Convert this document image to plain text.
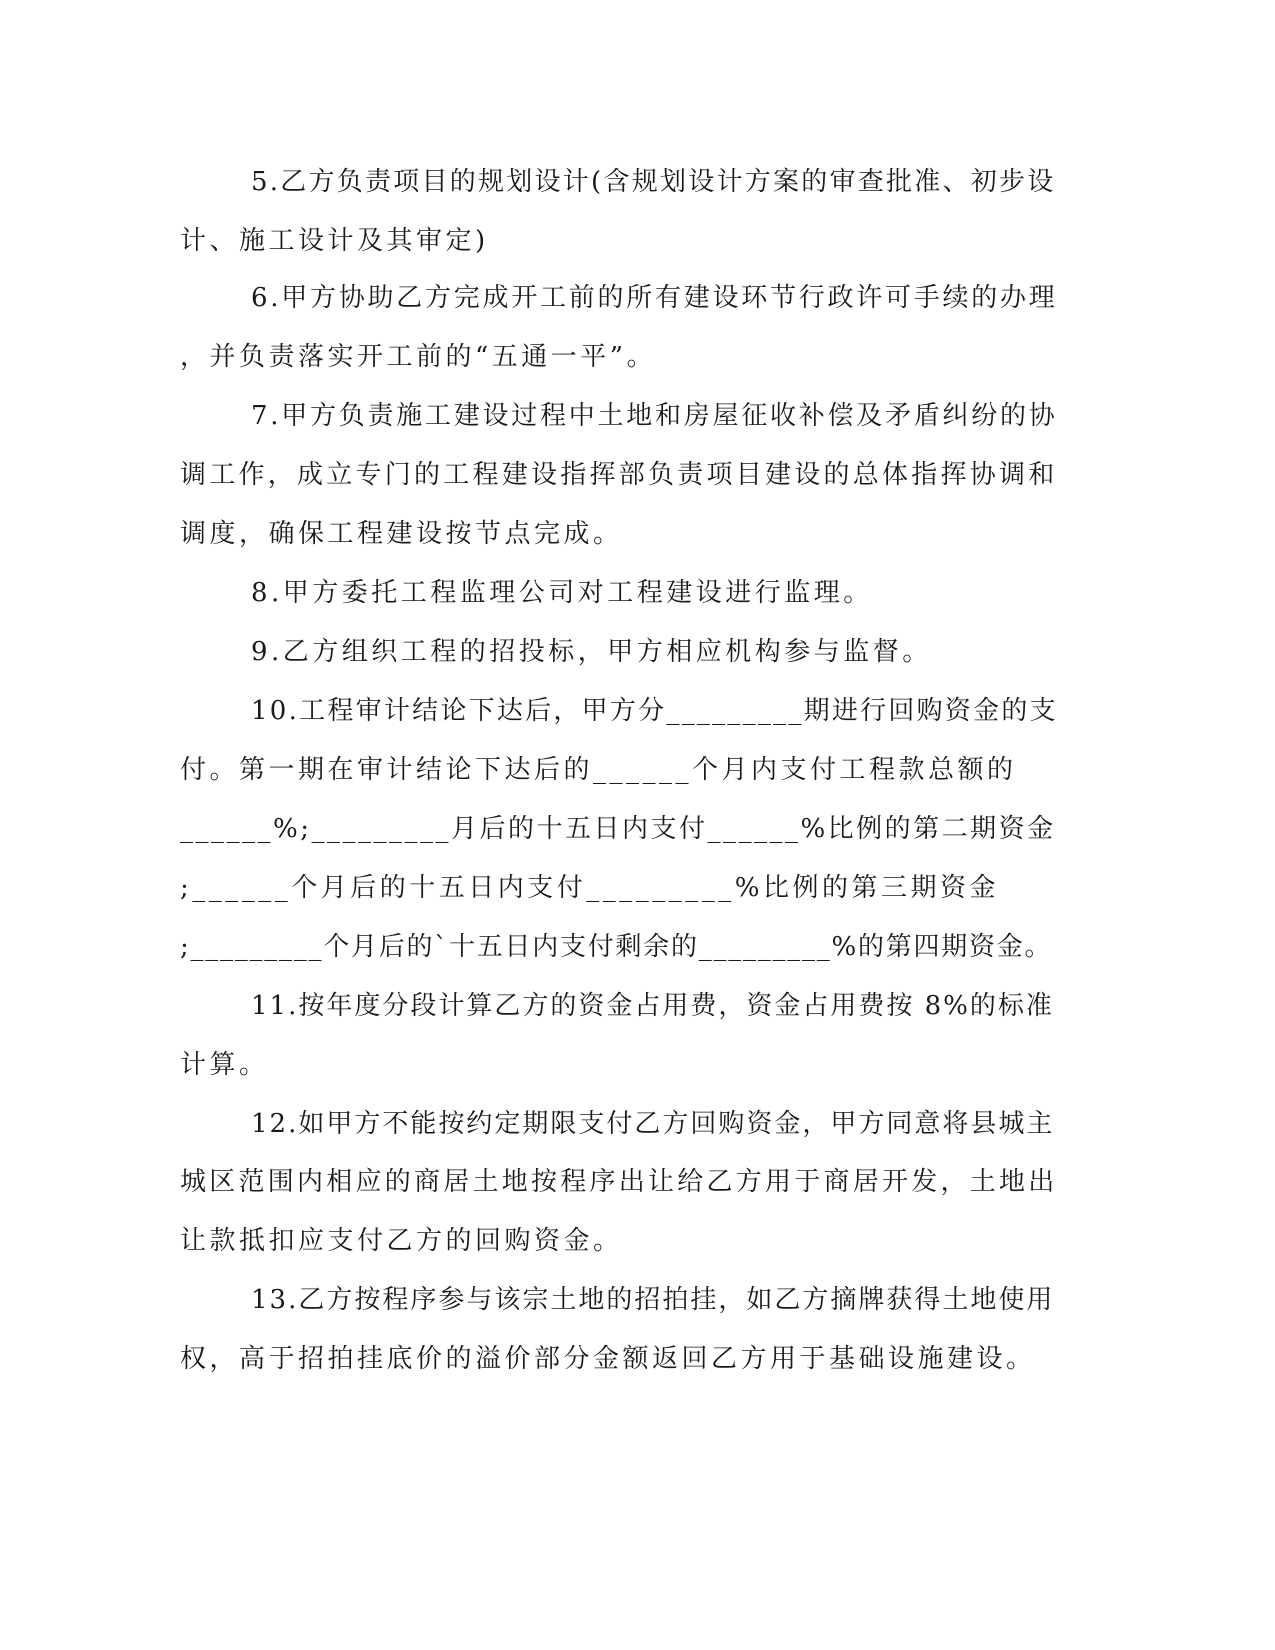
5.乙方负责项目的规划设计(含规划设计方案的审查批准、初步设
计、施工设计及其审定)
6.甲方协助乙方完成开工前的所有建设环节行政许可手续的办理
，并负责落实开工前的“五通一平”。
7.甲方负责施工建设过程中土地和房屋征收补偿及矛盾纠纷的协
调工作，成立专门的工程建设指挥部负责项目建设的总体指挥协调和
调度，确保工程建设按节点完成。
8.甲方委托工程监理公司对工程建设进行监理。
9.乙方组织工程的招投标，甲方相应机构参与监督。
10.工程审计结论下达后，甲方分_________期进行回购资金的支
付。第一期在审计结论下达后的______个月内支付工程款总额的
______%;_________月后的十五日内支付______%比例的第二期资金
;______个月后的十五日内支付_________%比例的第三期资金
;_________个月后的`十五日内支付剩余的_________%的第四期资金。
11.按年度分段计算乙方的资金占用费，资金占用费按 8%的标准
计算。
12.如甲方不能按约定期限支付乙方回购资金，甲方同意将县城主
城区范围内相应的商居土地按程序出让给乙方用于商居开发，土地出
让款抵扣应支付乙方的回购资金。
13.乙方按程序参与该宗土地的招拍挂，如乙方摘牌获得土地使用
权，高于招拍挂底价的溢价部分金额返回乙方用于基础设施建设。
